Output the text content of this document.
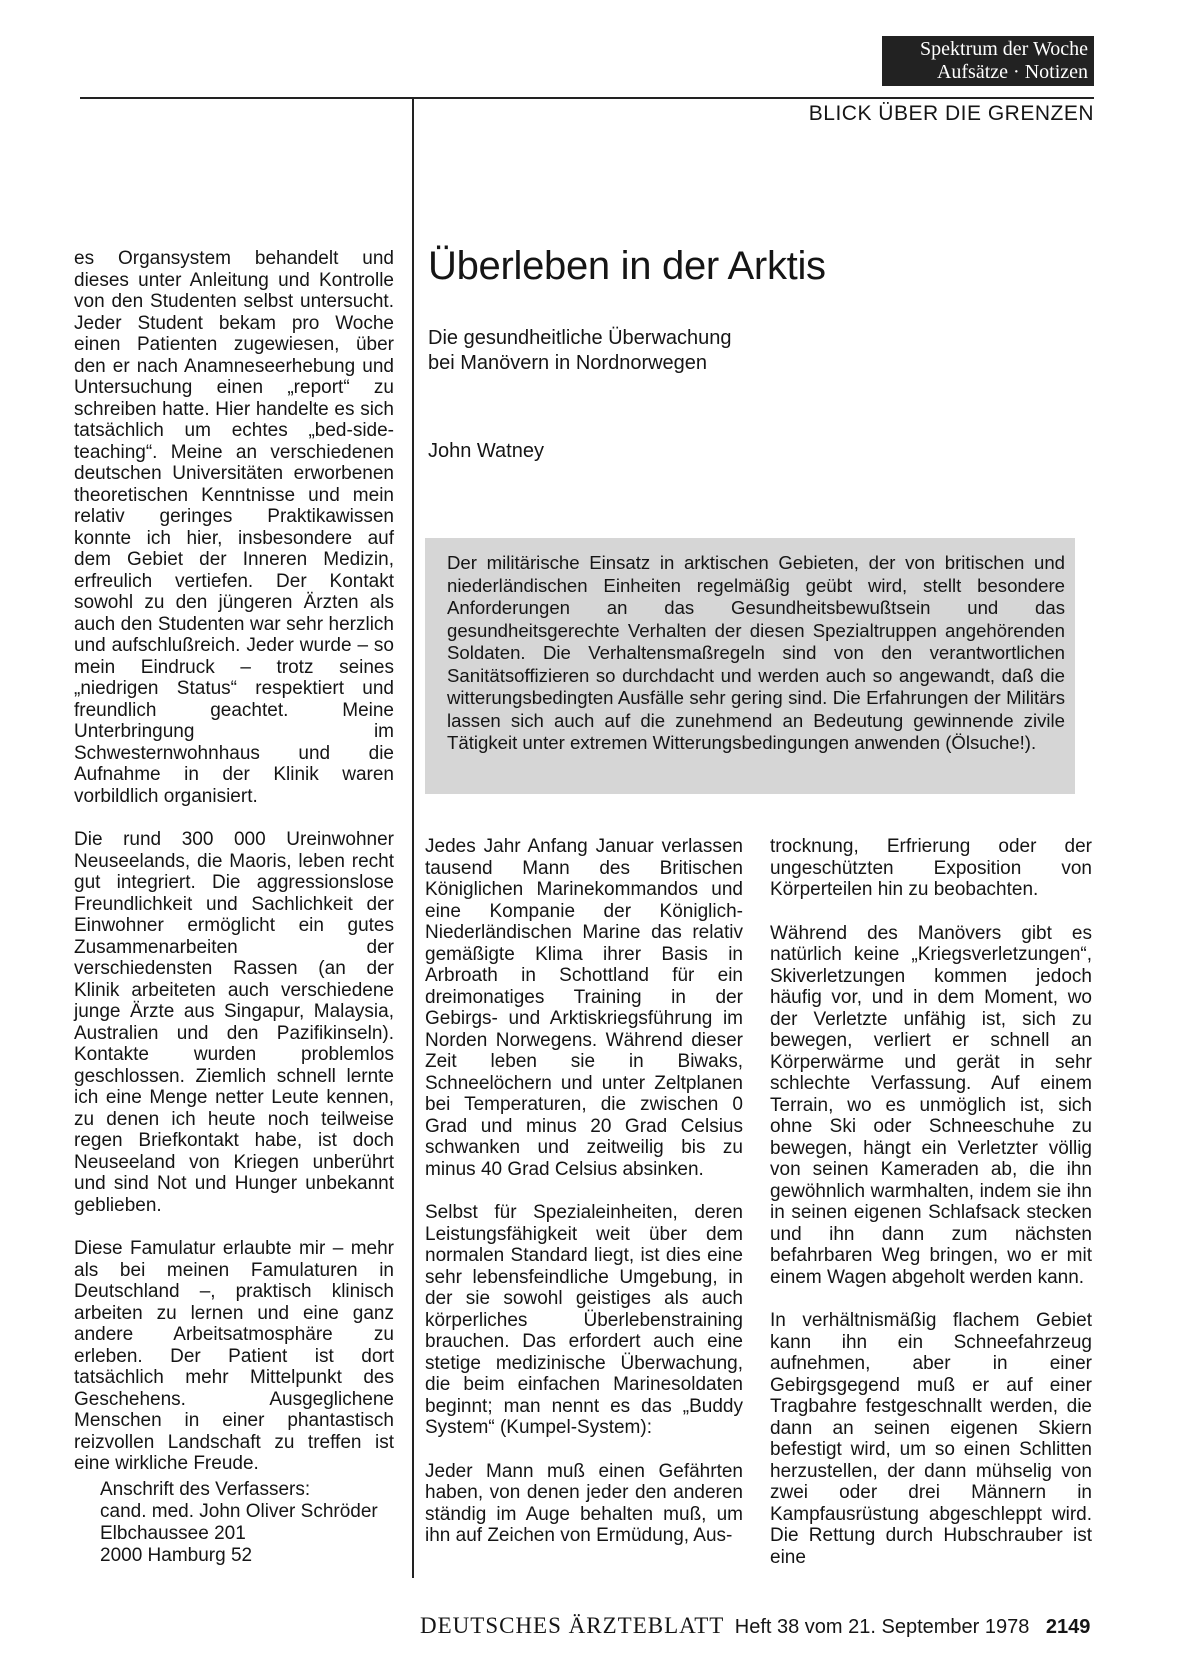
Spektrum der Woche
Aufsätze · Notizen
BLICK ÜBER DIE GRENZEN

es Organsystem behandelt und dieses unter Anleitung und Kontrolle von den Studenten selbst untersucht. Jeder Student bekam pro Woche einen Patienten zugewiesen, über den er nach Anamneseerhebung und Untersuchung einen „report“ zu schreiben hatte. Hier handelte es sich tatsächlich um echtes „bed-side-teaching“. Meine an verschiedenen deutschen Universitäten erworbenen theoretischen Kenntnisse und mein relativ geringes Praktikawissen konnte ich hier, insbesondere auf dem Gebiet der Inneren Medizin, erfreulich vertiefen. Der Kontakt sowohl zu den jüngeren Ärzten als auch den Studenten war sehr herzlich und aufschlußreich. Jeder wurde – so mein Eindruck – trotz seines „niedrigen Status“ respektiert und freundlich geachtet. Meine Unterbringung im Schwesternwohnhaus und die Aufnahme in der Klinik waren vorbildlich organisiert.

Die rund 300 000 Ureinwohner Neuseelands, die Maoris, leben recht gut integriert. Die aggressionslose Freundlichkeit und Sachlichkeit der Einwohner ermöglicht ein gutes Zusammenarbeiten der verschiedensten Rassen (an der Klinik arbeiteten auch verschiedene junge Ärzte aus Singapur, Malaysia, Australien und den Pazifikinseln). Kontakte wurden problemlos geschlossen. Ziemlich schnell lernte ich eine Menge netter Leute kennen, zu denen ich heute noch teilweise regen Briefkontakt habe, ist doch Neuseeland von Kriegen unberührt und sind Not und Hunger unbekannt geblieben.

Diese Famulatur erlaubte mir – mehr als bei meinen Famulaturen in Deutschland –, praktisch klinisch arbeiten zu lernen und eine ganz andere Arbeitsatmosphäre zu erleben. Der Patient ist dort tatsächlich mehr Mittelpunkt des Geschehens. Ausgeglichene Menschen in einer phantastisch reizvollen Landschaft zu treffen ist eine wirkliche Freude.

Anschrift des Verfassers:
cand. med. John Oliver Schröder
Elbchaussee 201
2000 Hamburg 52
Überleben in der Arktis
Die gesundheitliche Überwachung
bei Manövern in Nordnorwegen
John Watney
Der militärische Einsatz in arktischen Gebieten, der von britischen und niederländischen Einheiten regelmäßig geübt wird, stellt besondere Anforderungen an das Gesundheitsbewußtsein und das gesundheitsgerechte Verhalten der diesen Spezialtruppen angehörenden Soldaten. Die Verhaltensmaßregeln sind von den verantwortlichen Sanitätsoffizieren so durchdacht und werden auch so angewandt, daß die witterungsbedingten Ausfälle sehr gering sind. Die Erfahrungen der Militärs lassen sich auch auf die zunehmend an Bedeutung gewinnende zivile Tätigkeit unter extremen Witterungsbedingungen anwenden (Ölsuche!).

Jedes Jahr Anfang Januar verlassen tausend Mann des Britischen Königlichen Marinekommandos und eine Kompanie der Königlich-Niederländischen Marine das relativ gemäßigte Klima ihrer Basis in Arbroath in Schottland für ein dreimonatiges Training in der Gebirgs- und Arktiskriegsführung im Norden Norwegens. Während dieser Zeit leben sie in Biwaks, Schneelöchern und unter Zeltplanen bei Temperaturen, die zwischen 0 Grad und minus 20 Grad Celsius schwanken und zeitweilig bis zu minus 40 Grad Celsius absinken.

Selbst für Spezialeinheiten, deren Leistungsfähigkeit weit über dem normalen Standard liegt, ist dies eine sehr lebensfeindliche Umgebung, in der sie sowohl geistiges als auch körperliches Überlebenstraining brauchen. Das erfordert auch eine stetige medizinische Überwachung, die beim einfachen Marinesoldaten beginnt; man nennt es das „Buddy System“ (Kumpel-System):

Jeder Mann muß einen Gefährten haben, von denen jeder den anderen ständig im Auge behalten muß, um ihn auf Zeichen von Ermüdung, Aus-

trocknung, Erfrierung oder der ungeschützten Exposition von Körperteilen hin zu beobachten.

Während des Manövers gibt es natürlich keine „Kriegsverletzungen“, Skiverletzungen kommen jedoch häufig vor, und in dem Moment, wo der Verletzte unfähig ist, sich zu bewegen, verliert er schnell an Körperwärme und gerät in sehr schlechte Verfassung. Auf einem Terrain, wo es unmöglich ist, sich ohne Ski oder Schneeschuhe zu bewegen, hängt ein Verletzter völlig von seinen Kameraden ab, die ihn gewöhnlich warmhalten, indem sie ihn in seinen eigenen Schlafsack stecken und ihn dann zum nächsten befahrbaren Weg bringen, wo er mit einem Wagen abgeholt werden kann.

In verhältnismäßig flachem Gebiet kann ihn ein Schneefahrzeug aufnehmen, aber in einer Gebirgsgegend muß er auf einer Tragbahre festgeschnallt werden, die dann an seinen eigenen Skiern befestigt wird, um so einen Schlitten herzustellen, der dann mühselig von zwei oder drei Männern in Kampfausrüstung abgeschleppt wird. Die Rettung durch Hubschrauber ist eine

DEUTSCHES ÄRZTEBLATT Heft 38 vom 21. September 1978 2149
